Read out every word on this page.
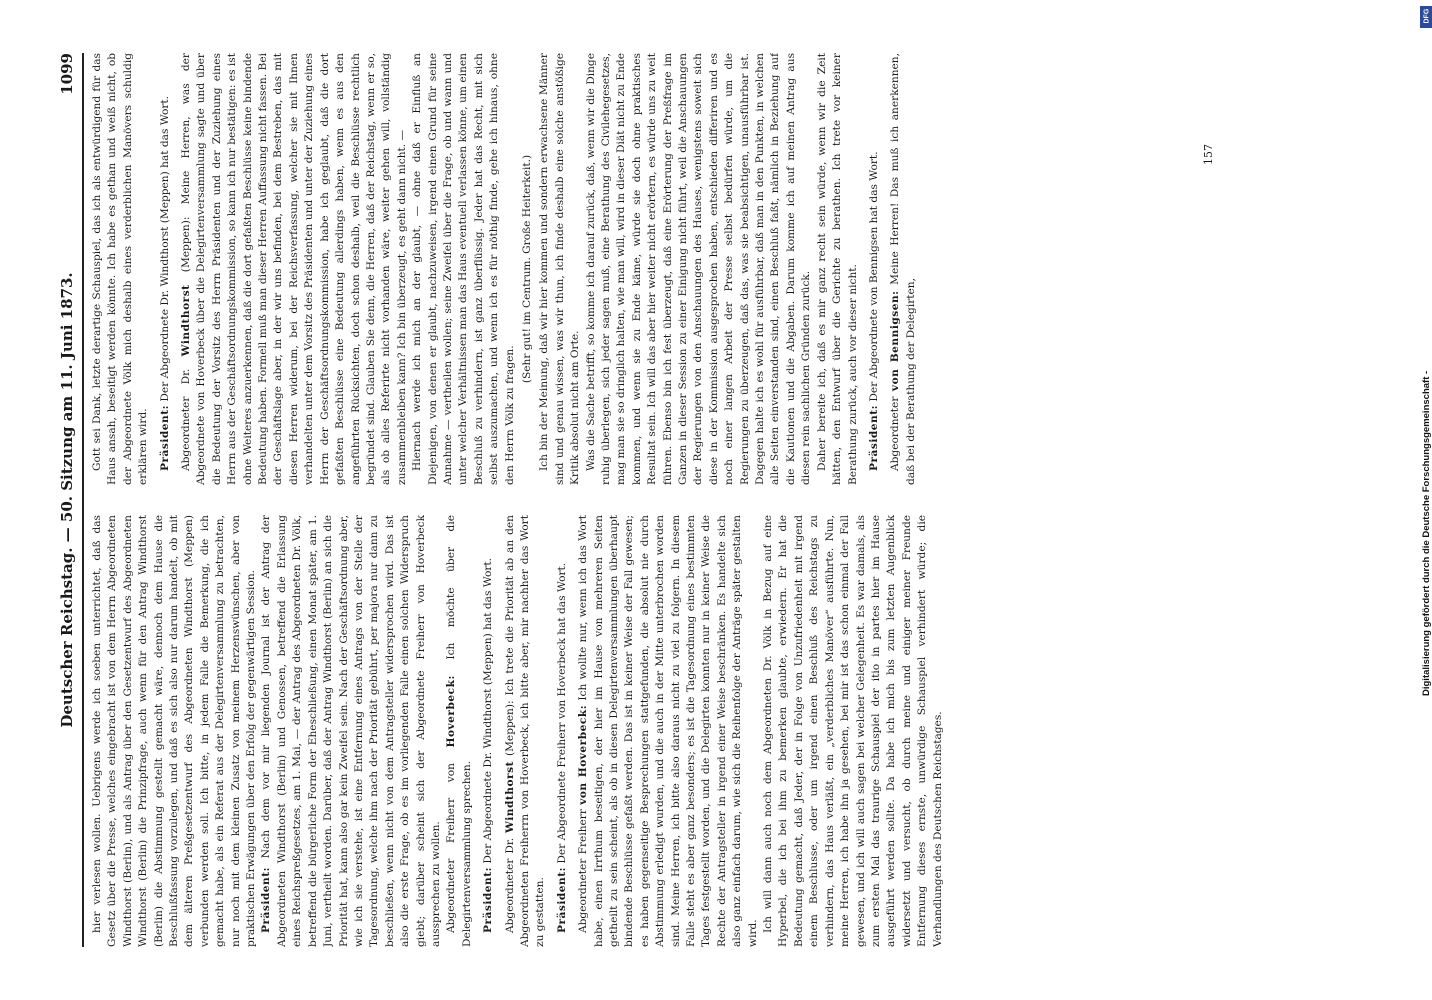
Deutscher Reichstag. — 50. Sitzung am 11. Juni 1873.
1099

hier verlesen wollen. Uebrigens werde ich soeben unterrichtet, daß das Gesetz über die Presse, welches eingebracht ist von dem Herrn Abgeordneten Windthorst (Berlin), und als Antrag über den Gesetzentwurf des Abgeordneten Windthorst (Berlin) die Prinzipfrage, auch wenn für den Antrag Windthorst (Berlin) die Abstimmung gestellt gemacht wäre, dennoch dem Hause die Beschlußfassung vorzulegen, und daß es sich also nur darum handelt, ob mit dem älteren Preßgesetzentwurf des Abgeordneten Windthorst (Meppen) verbunden werden soll. Ich bitte, in jedem Falle die Bemerkung, die ich gemacht habe, als ein Referat aus der Delegirtenversammlung zu betrachten, nur noch mit dem kleinen Zusatz von meinem Herzenswünschen, aber von praktischen Erwägungen über den Erfolg der gegenwärtigen Session. Präsident: Nach dem vor mir liegenden Journal ist der Antrag der Abgeordneten Windthorst (Berlin) und Genossen, betreffend die Erlassung eines Reichspreßgesetzes, am 1. Mai, — der Antrag des Abgeordneten Dr. Völk, betreffend die bürgerliche Form der Eheschließung, einen Monat später, am 1. Juni, vertheilt worden. Darüber, daß der Antrag Windthorst (Berlin) an sich die Priorität hat, kann also gar kein Zweifel sein. Nach der Geschäftsordnung aber, wie ich sie verstehe, ist eine Entfernung eines Antrags von der Stelle der Tagesordnung, welche ihm nach der Priorität gebührt, per majora nur dann zu beschließen, wenn nicht von dem Antragsteller widersprochen wird. Das ist also die erste Frage, ob es im vorliegenden Falle einen solchen Widerspruch giebt; darüber scheint sich der Abgeordnete Freiherr von Hoverbeck aussprechen zu wollen. Abgeordneter Freiherr von Hoverbeck: Ich möchte über die Delegirtenversammlung sprechen. Präsident: Der Abgeordnete Dr. Windthorst (Meppen) hat das Wort.

Abgeordneter Dr. Windthorst (Meppen): Ich trete die Priorität ab an den Abgeordneten Freiherrn von Hoverbeck, ich bitte aber, mir nachher das Wort zu gestatten. Präsident: Der Abgeordnete Freiherr von Hoverbeck hat das Wort.

Abgeordneter Freiherr von Hoverbeck: Ich wollte nur, wenn ich das Wort habe, einen Irrthum beseitigen, der hier im Hause von mehreren Seiten getheilt zu sein scheint, als ob in diesen Delegirtenversammlungen überhaupt bindende Beschlüsse gefaßt werden. Das ist in keiner Weise der Fall gewesen; es haben gegenseitige Besprechungen stattgefunden, die absolut nie durch Abstimmung erledigt wurden, und die auch in der Mitte unterbrochen worden sind. Meine Herren, ich bitte also daraus nicht zu viel zu folgern. In diesem Falle steht es aber ganz besonders; es ist die Tagesordnung eines bestimmten Tages festgestellt worden, und die Delegirten konnten nur in keiner Weise die Rechte der Antragsteller in irgend einer Weise beschränken. Es handelte sich also ganz einfach darum, wie sich die Reihenfolge der Anträge später gestalten wird.

Ich will dann auch noch dem Abgeordneten Dr. Völk in Bezug auf eine Hyperbel, die ich bei ihm zu bemerken glaubte, erwiedern. Er hat die Bedeutung gemacht, daß Jeder, der in Folge von Unzufriedenheit mit irgend einem Beschlusse, oder um irgend einen Beschluß des Reichstags zu verhindern, das Haus verläßt, ein „verderbliches Manöver“ ausführte. Nun, meine Herren, ich habe ihn ja gesehen, bei mir ist das schon einmal der Fall gewesen, und ich will auch sagen bei welcher Gelegenheit. Es war damals, als zum ersten Mal das traurige Schauspiel der itio in partes hier im Hause ausgeführt werden sollte. Da habe ich mich bis zum letzten Augenblick widersetzt und versucht, ob durch meine und einiger meiner Freunde Entfernung dieses ernste, unwürdige Schauspiel verhindert würde; die Verhandlungen des Deutschen Reichstages.

Gott sei Dank, letzte derartige Schauspiel, das ich als entwürdigend für das Haus ansah, beseitigt werden könnte. Ich habe es gethan und weiß nicht, ob der Abgeordnete Völk mich deshalb eines verderblichen Manövers schuldig erklären wird. Präsident: Der Abgeordnete Dr. Windthorst (Meppen) hat das Wort.

Abgeordneter Dr. Windthorst (Meppen): Meine Herren, was der Abgeordnete von Hoverbeck über die Delegirtenversammlung sagte und über die Bedeutung der Vorsitz des Herrn Präsidenten und der Zuziehung eines Herrn aus der Geschäftsordnungskommission, so kann ich nur bestätigen: es ist ohne Weiteres anzuerkennen, daß die dort gefaßten Beschlüsse keine bindende Bedeutung haben. Formell muß man dieser Herren Auffassung nicht fassen. Bei der Geschäftslage aber, in der wir uns befinden, bei dem Bestreben, das mit diesen Herren widerum, bei der Reichsverfassung, welcher sie mit Ihnen verhandelten unter dem Vorsitz des Präsidenten und unter der Zuziehung eines Herrn der Geschäftsordnungskommission, habe ich geglaubt, daß die dort gefaßten Beschlüsse eine Bedeutung allerdings haben, wenn es aus den angeführten Rücksichten, doch schon deshalb, weil die Beschlüsse rechtlich begründet sind. Glauben Sie denn, die Herren, daß der Reichstag, wenn er so, als ob alles Referirte nicht vorhanden wäre, weiter gehen will, vollständig zusammenbleiben kann? Ich bin überzeugt, es geht dann nicht. — Hiernach werde ich mich an der glaubt, — ohne daß er Einfluß an Diejenigen, von denen er glaubt, nachzuweisen, irgend einen Grund für seine Annahme — vertheilen wollen; seine Zweifel über die Frage, ob und wann und unter welcher Verhältnissen man das Haus eventuell verlassen könne, um einen Beschluß zu verhindern, ist ganz überflüssig. Jeder hat das Recht, mit sich selbst auszumachen, und wenn ich es für nöthig finde, gehe ich hinaus, ohne den Herrn Völk zu fragen.

(Sehr gut! im Centrum. Große Heiterkeit.) Ich bin der Meinung, daß wir hier kommen und sondern erwachsene Männer sind und genau wissen, was wir thun, ich finde deshalb eine solche anstößige Kritik absolut nicht am Orte. Was die Sache betrifft, so komme ich darauf zurück, daß, wenn wir die Dinge ruhig überlegen, sich jeder sagen muß, eine Berathung des Civilehegesetzes, mag man sie so dringlich halten, wie man will, wird in dieser Diät nicht zu Ende kommen, und wenn sie zu Ende käme, würde sie doch ohne praktisches Resultat sein. Ich will das aber hier weiter nicht erörtern, es würde uns zu weit führen. Ebenso bin ich fest überzeugt, daß eine Erörterung der Preßfrage im Ganzen in dieser Session zu einer Einigung nicht führt, weil die Anschauungen der Regierungen von den Anschauungen des Hauses, wenigstens soweit sich diese in der Kommission ausgesprochen haben, entschieden differiren und es noch einer langen Arbeit der Presse selbst bedürfen würde, um die Regierungen zu überzeugen, daß das, was sie beabsichtigen, unausführbar ist. Dagegen halte ich es wohl für ausführbar, daß man in den Punkten, in welchen alle Seiten einverstanden sind, einen Beschluß faßt, nämlich in Beziehung auf die Kautionen und die Abgaben. Darum komme ich auf meinen Antrag aus diesen rein sachlichen Gründen zurück. Daher bereite ich, daß es mir ganz recht sein würde, wenn wir die Zeit hätten, den Entwurf über die Gerichte zu berathen. Ich trete vor keiner Berathung zurück, auch vor dieser nicht. Präsident: Der Abgeordnete von Bennigsen hat das Wort.

Abgeordneter von Bennigsen: Meine Herren! Das muß ich anerkennen, daß bei der Berathung der Delegirten,

157
Digitalisierung gefördert durch die Deutsche Forschungsgemeinschaft -
DFG
